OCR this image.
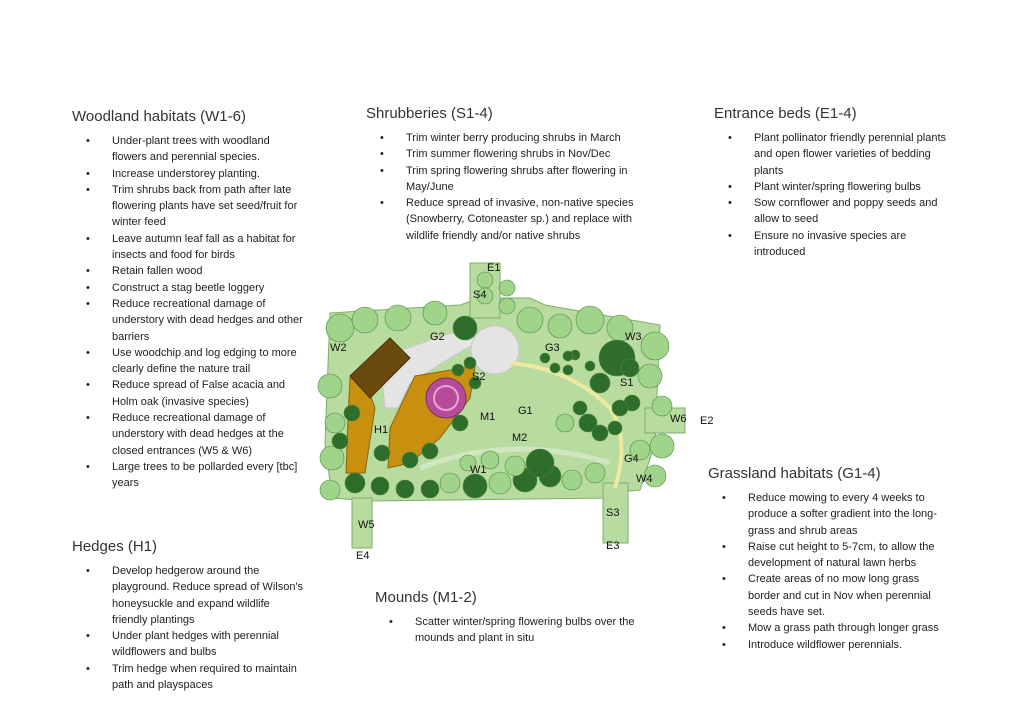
Woodland habitats (W1-6)
• Under-plant trees with woodland flowers and perennial species.
• Increase understorey planting.
• Trim shrubs back from path after late flowering plants have set seed/fruit for winter feed
• Leave autumn leaf fall as a habitat for insects and food for birds
• Retain fallen wood
• Construct a stag beetle loggery
• Reduce recreational damage of understory with dead hedges and other barriers
• Use woodchip and log edging to more clearly define the nature trail
• Reduce spread of False acacia and Holm oak (invasive species)
• Reduce recreational damage of understory with dead hedges at the closed entrances (W5 & W6)
• Large trees to be pollarded every [tbc] years
Shrubberies (S1-4)
• Trim winter berry producing shrubs in March
• Trim summer flowering shrubs in Nov/Dec
• Trim spring flowering shrubs after flowering in May/June
• Reduce spread of invasive, non-native species (Snowberry, Cotoneaster sp.) and replace with wildlife friendly and/or native shrubs
Entrance beds (E1-4)
• Plant pollinator friendly perennial plants and open flower varieties of bedding plants
• Plant winter/spring flowering bulbs
• Sow cornflower and poppy seeds and allow to seed
• Ensure no invasive species are introduced
Hedges (H1)
• Develop hedgerow around the playground. Reduce spread of Wilson's honeysuckle and expand wildlife friendly plantings
• Under plant hedges with perennial wildflowers and bulbs
• Trim hedge when required to maintain path and playspaces
Mounds (M1-2)
• Scatter winter/spring flowering bulbs over the mounds and plant in situ
Grassland habitats (G1-4)
• Reduce mowing to every 4 weeks to produce a softer gradient into the long-grass and shrub areas
• Raise cut height to 5-7cm, to allow the development of natural lawn herbs
• Create areas of no mow long grass border and cut in Nov when perennial seeds have set.
• Mow a grass path through longer grass
• Introduce wildflower perennials.
E1
S4
G2
W2
W3
G3
S2	S1
M1 G1
W6 E2
H1
M2
G4
W1
W4
S3
E3
W5
E4
